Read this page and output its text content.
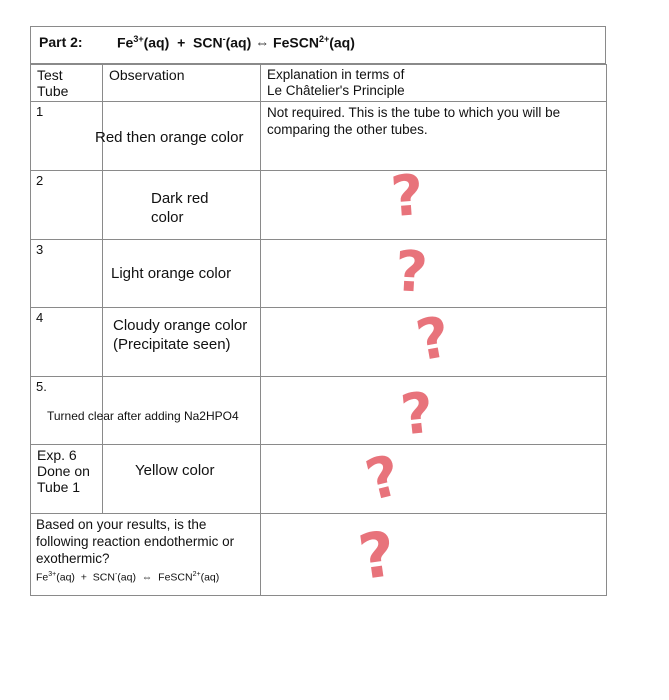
Part 2: $Fe^{3+}(aq) + SCN^-(aq)$ ⇔ FeSCN$^{2+}$(aq)
Test
Tube	Observation	Explanation in terms of
Le Châtelier's Principle

1	Red then orange color	Not required. This is the tube to which you will be comparing the other tubes.

2	Dark red
color	?

3	Light orange color	?

4	Cloudy orange color
(Precipitate seen)	?

5.	Turned clear after adding Na2HPO4	?

Exp. 6
Done on
Tube 1	Yellow color	?

Based on your results, is the following reaction endothermic or exothermic?
$Fe^{3+}(aq) + SCN^-(aq)$ ⇔ FeSCN$^{2+}$(aq)		?
